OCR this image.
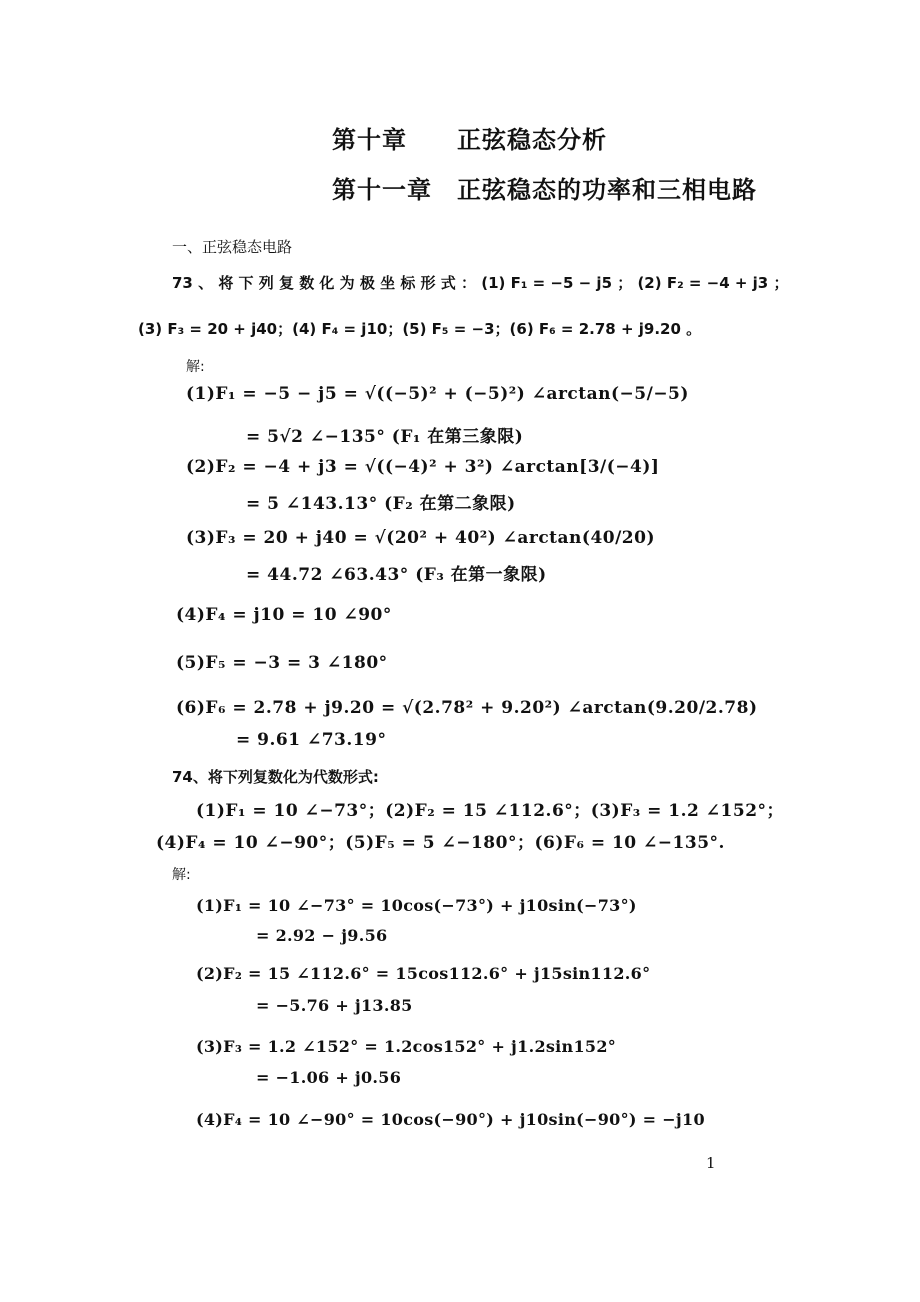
第十章　　正弦稳态分析
第十一章　正弦稳态的功率和三相电路
一、正弦稳态电路
73 、 将 下 列 复 数 化 为 极 坐 标 形 式 ： (1) F₁ = −5 − j5 ； (2) F₂ = −4 + j3 ；
(3) F₃ = 20 + j40；(4) F₄ = j10；(5) F₅ = −3；(6) F₆ = 2.78 + j9.20 。
解:
(1)F₁ = −5 − j5 = √((−5)² + (−5)²) ∠arctan(−5/−5)
= 5√2 ∠−135° (F₁ 在第三象限)
(2)F₂ = −4 + j3 = √((−4)² + 3²) ∠arctan[3/(−4)]
= 5 ∠143.13° (F₂ 在第二象限)
(3)F₃ = 20 + j40 = √(20² + 40²) ∠arctan(40/20)
= 44.72 ∠63.43° (F₃ 在第一象限)
(4)F₄ = j10 = 10 ∠90°
(5)F₅ = −3 = 3 ∠180°
(6)F₆ = 2.78 + j9.20 = √(2.78² + 9.20²) ∠arctan(9.20/2.78)
= 9.61 ∠73.19°
74、将下列复数化为代数形式:
(1)F₁ = 10 ∠−73°；(2)F₂ = 15 ∠112.6°；(3)F₃ = 1.2 ∠152°；
(4)F₄ = 10 ∠−90°；(5)F₅ = 5 ∠−180°；(6)F₆ = 10 ∠−135°.
解:
(1)F₁ = 10 ∠−73° = 10cos(−73°) + j10sin(−73°)
= 2.92 − j9.56
(2)F₂ = 15 ∠112.6° = 15cos112.6° + j15sin112.6°
= −5.76 + j13.85
(3)F₃ = 1.2 ∠152° = 1.2cos152° + j1.2sin152°
= −1.06 + j0.56
(4)F₄ = 10 ∠−90° = 10cos(−90°) + j10sin(−90°) = −j10
1
